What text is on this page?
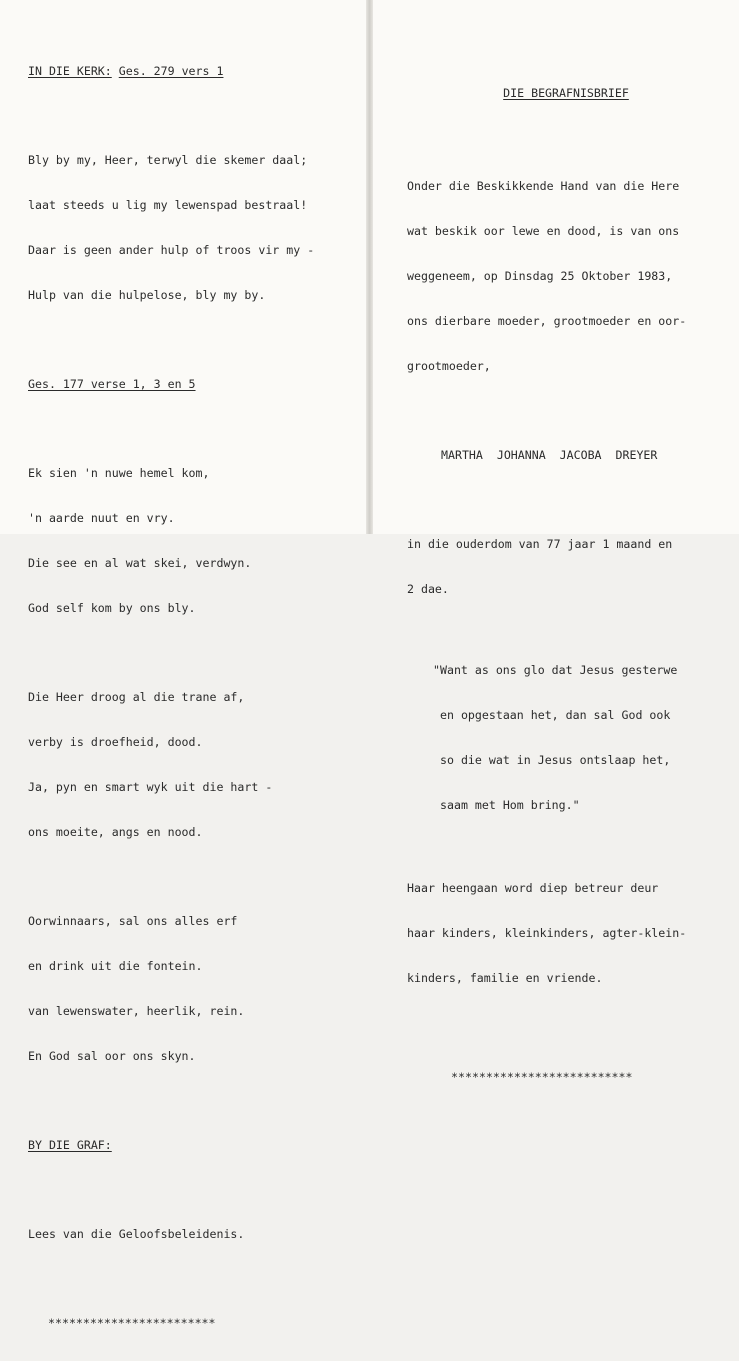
IN DIE KERK: Ges. 279 vers 1

Bly by my, Heer, terwyl die skemer daal;

laat steeds u lig my lewenspad bestraal!

Daar is geen ander hulp of troos vir my -

Hulp van die hulpelose, bly my by.

Ges. 177 verse 1, 3 en 5

Ek sien 'n nuwe hemel kom,

'n aarde nuut en vry.

Die see en al wat skei, verdwyn.

God self kom by ons bly.

Die Heer droog al die trane af,

verby is droefheid, dood.

Ja, pyn en smart wyk uit die hart -

ons moeite, angs en nood.

Oorwinnaars, sal ons alles erf

en drink uit die fontein.

van lewenswater, heerlik, rein.

En God sal oor ons skyn.

BY DIE GRAF:

Lees van die Geloofsbeleidenis.

************************

DIE BEGRAFNISBRIEF

Onder die Beskikkende Hand van die Here

wat beskik oor lewe en dood, is van ons

weggeneem, op Dinsdag 25 Oktober 1983,

ons dierbare moeder, grootmoeder en oor-

grootmoeder,

MARTHA  JOHANNA  JACOBA  DREYER

in die ouderdom van 77 jaar 1 maand en

2 dae.

"Want as ons glo dat Jesus gesterwe

en opgestaan het, dan sal God ook

so die wat in Jesus ontslaap het,

saam met Hom bring."

Haar heengaan word diep betreur deur

haar kinders, kleinkinders, agter-klein-

kinders, familie en vriende.

**************************
